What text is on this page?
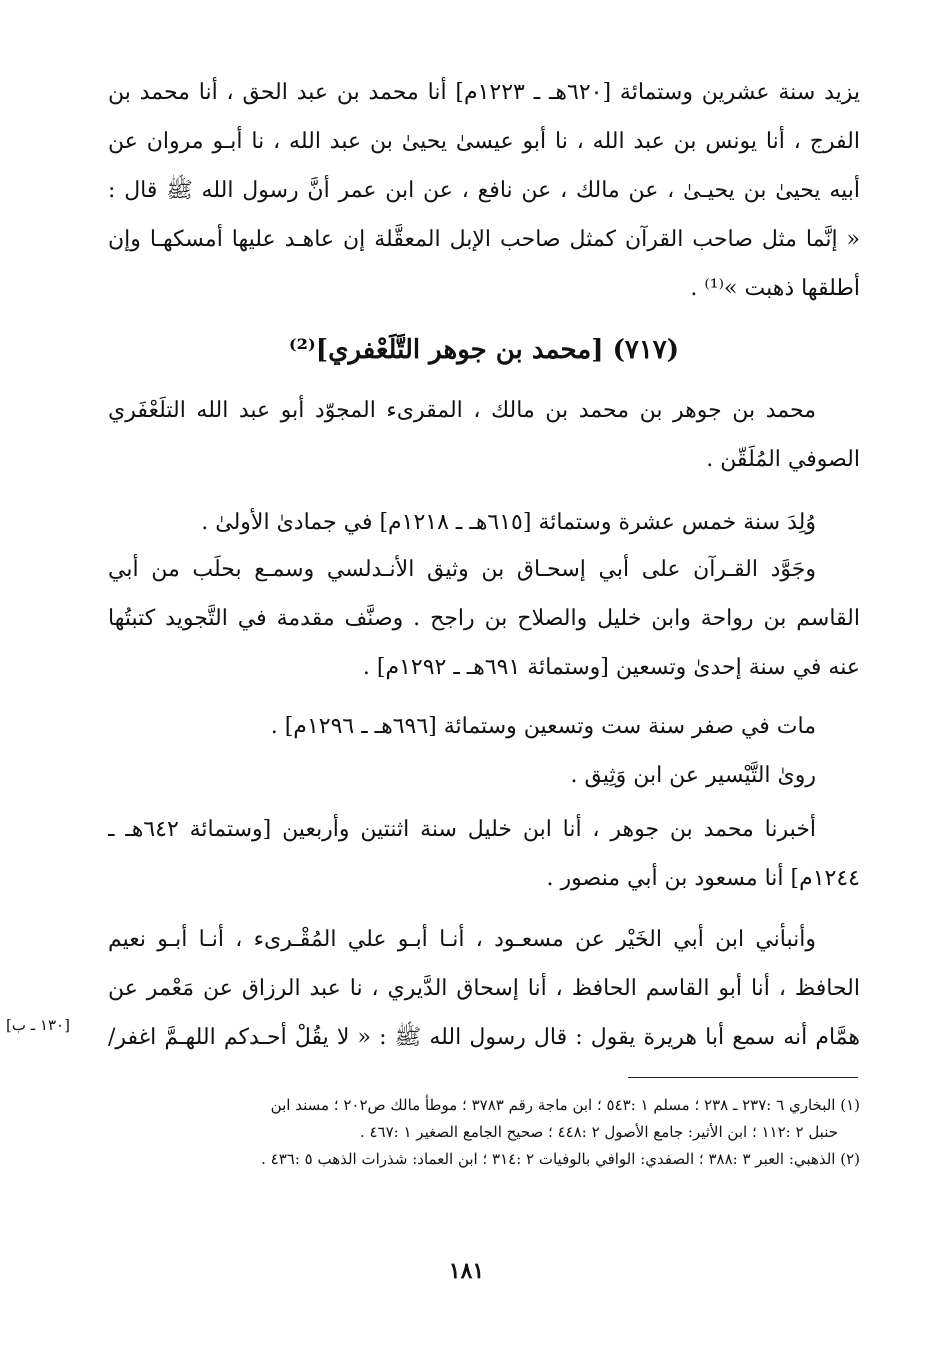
يزيد سنة عشرين وستمائة [٦٢٠هـ ـ ١٢٢٣م] أنا محمد بن عبد الحق ، أنا محمد بن
الفرج ، أنا يونس بن عبد الله ، نا أبو عيسىٰ يحيىٰ بن عبد الله ، نا أبـو مروان عن
أبيه يحيىٰ بن يحيـىٰ ، عن مالك ، عن نافع ، عن ابن عمر أنَّ رسول الله ﷺ قال :
« إنَّما مثل صاحب القرآن كمثل صاحب الإبل المعقَّلة إن عاهـد عليها أمسكهـا وإن
أطلقها ذهبت »⁽¹⁾ .
(٧١٧) [محمد بن جوهر التَّلَعْفري]⁽²⁾
محمد بن جوهر بن محمد بن مالك ، المقرىء المجوّد أبو عبد الله التلَعْفَري
الصوفي المُلَقّن .
وُلِدَ سنة خمس عشرة وستمائة [٦١٥هـ ـ ١٢١٨م] في جمادىٰ الأولىٰ .
وجَوَّد القـرآن على أبي إسحـاق بن وثيق الأنـدلسي وسمـع بحلَب من أبي
القاسم بن رواحة وابن خليل والصلاح بن راجح . وصنَّف مقدمة في التَّجويد كتبتُها
عنه في سنة إحدىٰ وتسعين [وستمائة ٦٩١هـ ـ ١٢٩٢م] .
مات في صفر سنة ست وتسعين وستمائة [٦٩٦هـ ـ ١٢٩٦م] .
روىٰ التَّيْسير عن ابن وَثِيق .
أخبرنا محمد بن جوهر ، أنا ابن خليل سنة اثنتين وأربعين [وستمائة ٦٤٢هـ ـ
١٢٤٤م] أنا مسعود بن أبي منصور .
وأنبأني ابن أبي الخَيْر عن مسعـود ، أنـا أبـو علي المُقْـرىء ، أنـا أبـو نعيم
الحافظ ، أنا أبو القاسم الحافظ ، أنا إسحاق الدَّيري ، نا عبد الرزاق عن مَعْمر عن
همَّام أنه سمع أبا هريرة يقول : قال رسول الله ﷺ : « لا يقُلْ أحـدكم اللهـمَّ اغفر/
[١٣٠ ـ ب]
(١) البخاري ٦ :٢٣٧ ـ ٢٣٨ ؛ مسلم ١ :٥٤٣ ؛ ابن ماجة رقم ٣٧٨٣ ؛ موطأ مالك ص٢٠٢ ؛ مسند ابن
حنبل ٢ :١١٢ ؛ ابن الأثير: جامع الأصول ٢ :٤٤٨ ؛ صحيح الجامع الصغير ١ :٤٦٧ .
(٢) الذهبي: العبر ٣ :٣٨٨ ؛ الصفدي: الوافي بالوفيات ٢ :٣١٤ ؛ ابن العماد: شذرات الذهب ٥ :٤٣٦ .
١٨١
